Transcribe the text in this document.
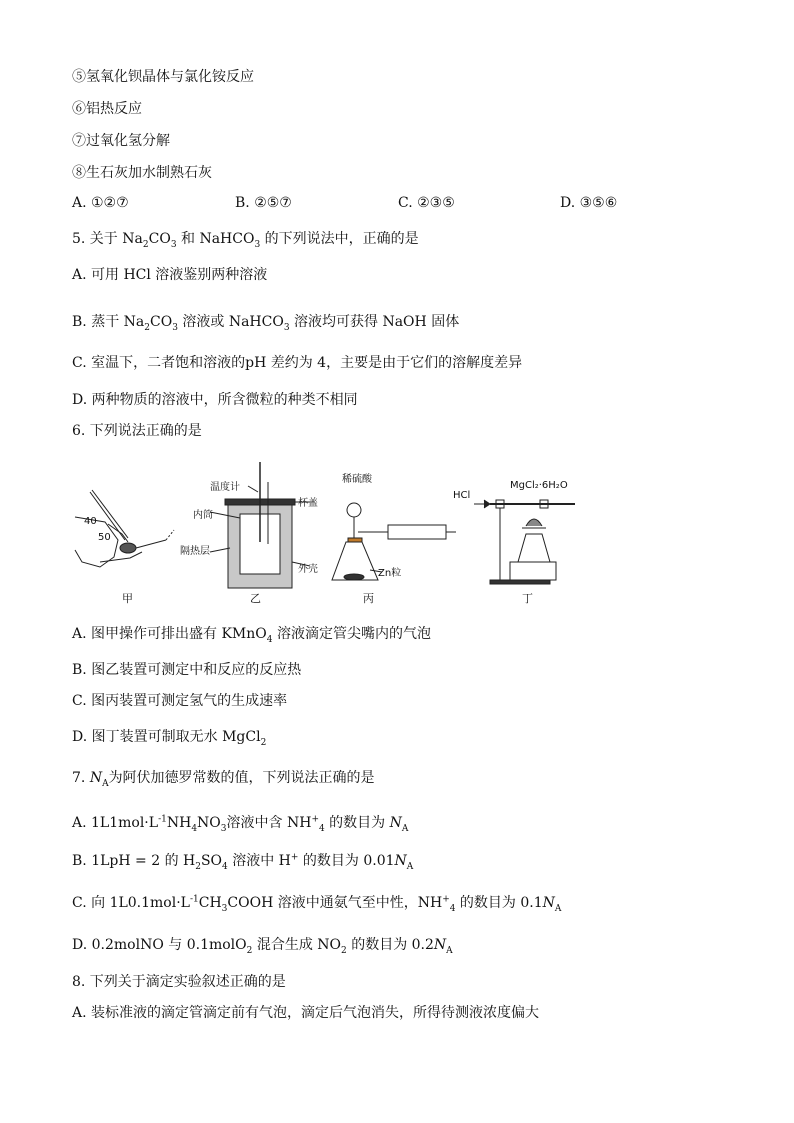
⑤氢氧化钡晶体与氯化铵反应
⑥铝热反应
⑦过氧化氢分解
⑧生石灰加水制熟石灰
A. ①②⑦	B. ②⑤⑦	C. ②③⑤	D. ③⑤⑥
5. 关于 $Na_2CO_3$ 和 NaHCO$_3$ 的下列说法中，正确的是
A. 可用 HCl 溶液鉴别两种溶液
B. 蒸干 $Na_2CO_3$ 溶液或 NaHCO$_3$ 溶液均可获得 NaOH 固体
C. 室温下，二者饱和溶液的pH 差约为 4，主要是由于它们的溶解度差异
D. 两种物质的溶液中，所含微粒的种类不相同
6. 下列说法正确的是
40
50
温度计
杯盖
内筒
隔热层
外壳
稀硫酸
Zn粒
HCl
MgCl₂·6H₂O
甲	乙	丙	丁
A. 图甲操作可排出盛有 KMnO$_4$ 溶液滴定管尖嘴内的气泡
B. 图乙装置可测定中和反应的反应热
C. 图丙装置可测定氢气的生成速率
D. 图丁装置可制取无水 MgCl$_2$
7. $N_A$为阿伏加德罗常数的值，下列说法正确的是
A. $1L1mol\cdot L^{-1}NH_4NO_3$溶液中含 $NH^+_4$ 的数目为 $N_A$
B. 1LpH = 2 的 $H_2SO_4$ 溶液中 H+ 的数目为 $0.01N_A$
C. 向 $1L0.1mol\cdot L^{-1}CH_3COOH$ 溶液中通氨气至中性，$NH^+_4$ 的数目为 $0.1N_A$
D. 0.2molNO 与 0.1molO$_2$ 混合生成 $NO_2$ 的数目为 $0.2N_A$
8. 下列关于滴定实验叙述正确的是
A. 装标准液的滴定管滴定前有气泡，滴定后气泡消失，所得待测液浓度偏大
